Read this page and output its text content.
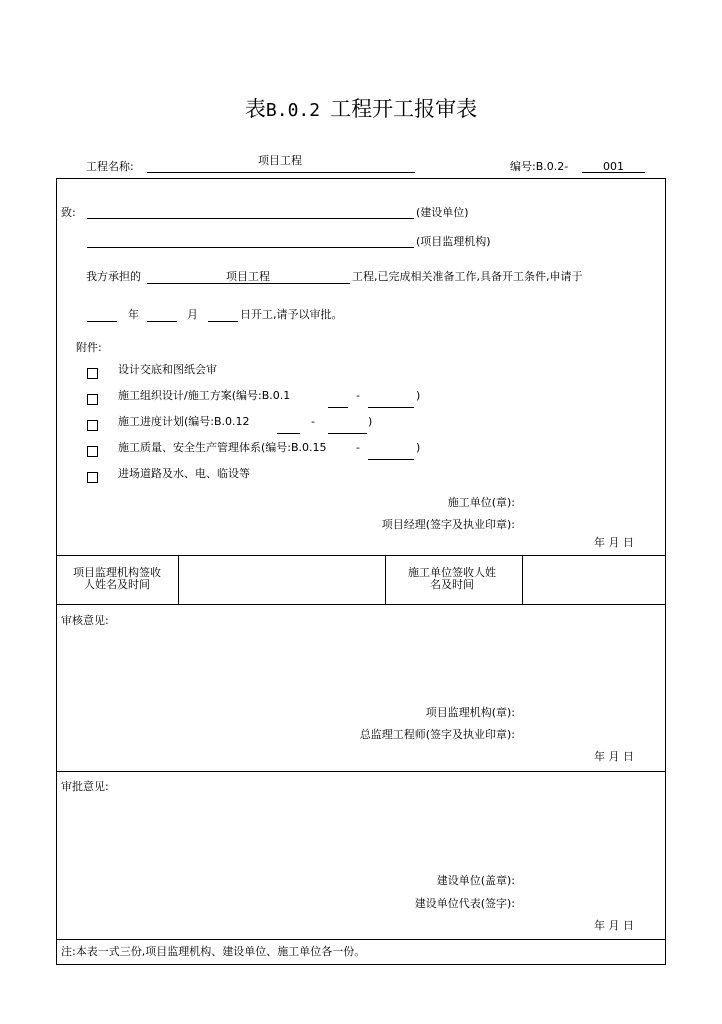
表B.0.2 工程开工报审表
工程名称:	项目工程	编号:B.0.2-	001
致:	(建设单位)
(项目监理机构)
我方承担的	项目工程	工程,已完成相关准备工作,具备开工条件,申请于
年	月	日开工,请予以审批。
附件:
设计交底和图纸会审
施工组织设计/施工方案(编号:B.0.1	-	)
施工进度计划(编号:B.0.12	-	)
施工质量、安全生产管理体系(编号:B.0.15	-	)
进场道路及水、电、临设等
施工单位(章):
项目经理(签字及执业印章):
年 月 日
项目监理机构签收人姓名及时间
施工单位签收人姓名及时间
审核意见:
项目监理机构(章):
总监理工程师(签字及执业印章):
年 月 日
审批意见:
建设单位(盖章):
建设单位代表(签字):
年 月 日
注:本表一式三份,项目监理机构、建设单位、施工单位各一份。
